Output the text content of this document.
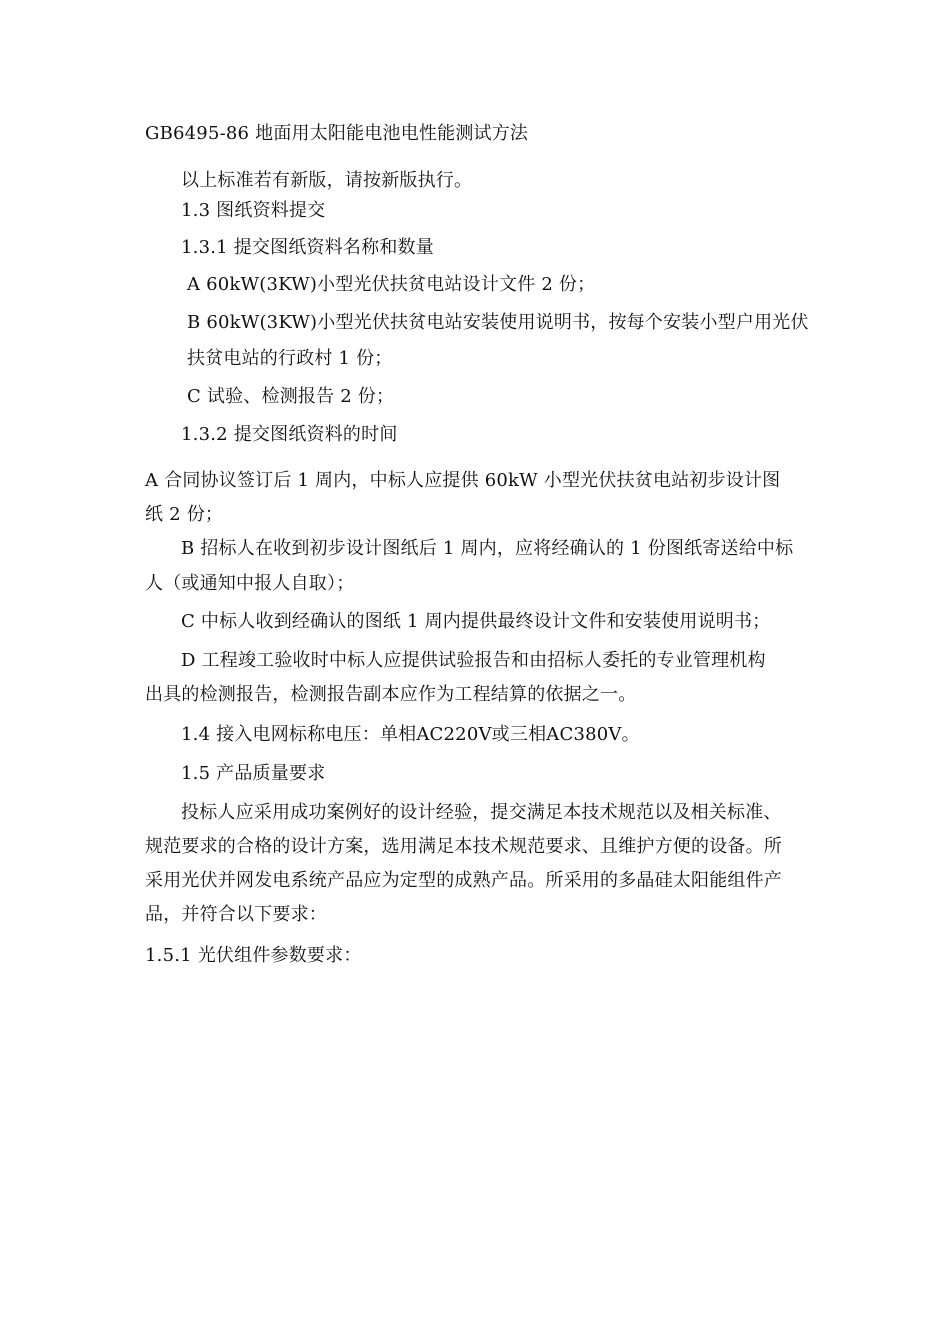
GB6495-86 地面用太阳能电池电性能测试方法
以上标准若有新版，请按新版执行。
1.3 图纸资料提交
1.3.1 提交图纸资料名称和数量
A 60kW(3KW)小型光伏扶贫电站设计文件 2 份；
B 60kW(3KW)小型光伏扶贫电站安装使用说明书，按每个安装小型户用光伏
扶贫电站的行政村 1 份；
C 试验、检测报告 2 份；
1.3.2 提交图纸资料的时间
A 合同协议签订后 1 周内，中标人应提供 60kW 小型光伏扶贫电站初步设计图
纸 2 份；
B 招标人在收到初步设计图纸后 1 周内，应将经确认的 1 份图纸寄送给中标
人（或通知中报人自取）；
C 中标人收到经确认的图纸 1 周内提供最终设计文件和安装使用说明书；
D 工程竣工验收时中标人应提供试验报告和由招标人委托的专业管理机构
出具的检测报告，检测报告副本应作为工程结算的依据之一。
1.4 接入电网标称电压：单相AC220V或三相AC380V。
1.5 产品质量要求
投标人应采用成功案例好的设计经验，提交满足本技术规范以及相关标准、
规范要求的合格的设计方案，选用满足本技术规范要求、且维护方便的设备。所
采用光伏并网发电系统产品应为定型的成熟产品。所采用的多晶硅太阳能组件产
品，并符合以下要求：
1.5.1 光伏组件参数要求：
